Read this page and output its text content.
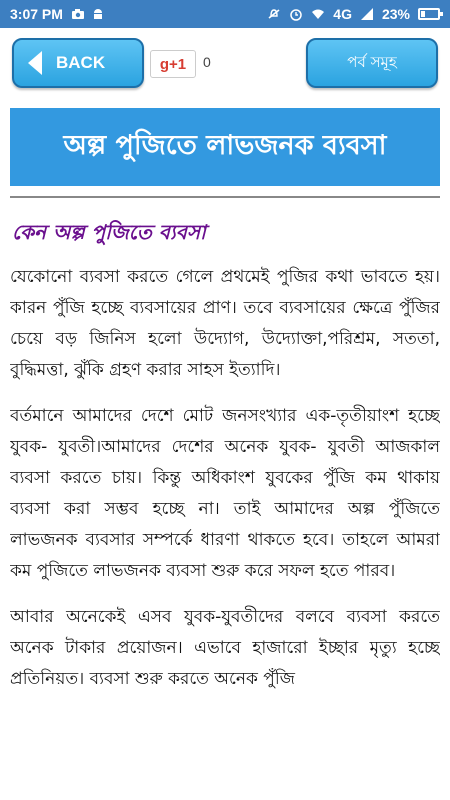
3:07 PM	4G 23%
BACK	g+1 0	পর্ব সমূহ
অল্প পুজিতে লাভজনক ব্যবসা
কেন অল্প পুজিতে ব্যবসা

যেকোনো ব্যবসা করতে গেলে প্রথমেই পুজির কথা ভাবতে হয়। কারন পুঁজি হচ্ছে ব্যবসায়ের প্রাণ। তবে ব্যবসায়ের ক্ষেত্রে পুঁজির চেয়ে বড় জিনিস হলো উদ্যোগ, উদ্যোক্তা,পরিশ্রম, সততা, বুদ্ধিমত্তা, ঝুঁকি গ্রহণ করার সাহস ইত্যাদি।

বর্তমানে আমাদের দেশে মোট জনসংখ্যার এক-তৃতীয়াংশ হচ্ছে যুবক- যুবতী।আমাদের দেশের অনেক যুবক- যুবতী আজকাল ব্যবসা করতে চায়। কিন্তু অধিকাংশ যুবকের পুঁজি কম থাকায় ব্যবসা করা সম্ভব হচ্ছে না। তাই আমাদের অল্প পুঁজিতে লাভজনক ব্যবসার সম্পর্কে ধারণা থাকতে হবে। তাহলে আমরা কম পুজিতে লাভজনক ব্যবসা শুরু করে সফল হতে পারব।

আবার অনেকেই এসব যুবক-যুবতীদের বলবে ব্যবসা করতে অনেক টাকার প্রয়োজন। এভাবে হাজারো ইচ্ছার মৃত্যু হচ্ছে প্রতিনিয়ত। ব্যবসা শুরু করতে অনেক পুঁজি
